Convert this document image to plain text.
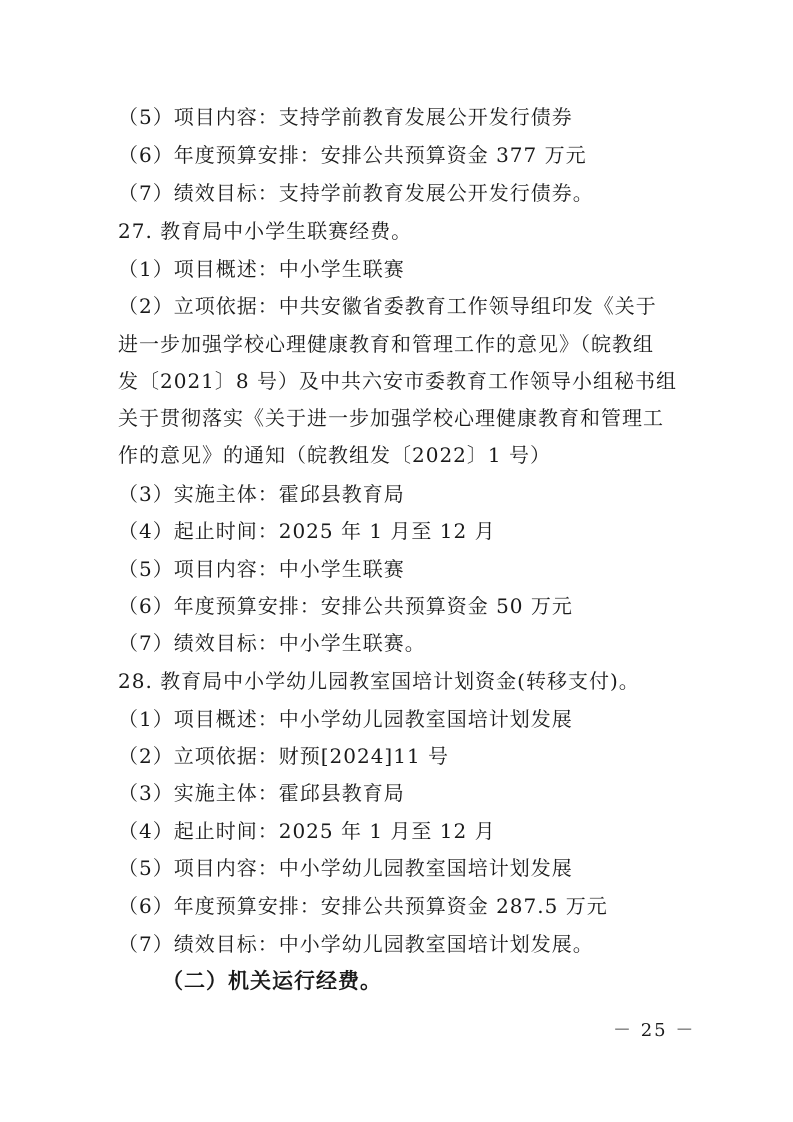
（5）项目内容：支持学前教育发展公开发行债券
（6）年度预算安排：安排公共预算资金 377 万元
（7）绩效目标：支持学前教育发展公开发行债券。
27. 教育局中小学生联赛经费。
（1）项目概述：中小学生联赛
（2）立项依据：中共安徽省委教育工作领导组印发《关于
进一步加强学校心理健康教育和管理工作的意见》（皖教组
发〔2021〕8 号）及中共六安市委教育工作领导小组秘书组
关于贯彻落实《关于进一步加强学校心理健康教育和管理工
作的意见》的通知（皖教组发〔2022〕1 号）
（3）实施主体：霍邱县教育局
（4）起止时间：2025 年 1 月至 12 月
（5）项目内容：中小学生联赛
（6）年度预算安排：安排公共预算资金 50 万元
（7）绩效目标：中小学生联赛。
28. 教育局中小学幼儿园教室国培计划资金(转移支付)。
（1）项目概述：中小学幼儿园教室国培计划发展
（2）立项依据：财预[2024]11 号
（3）实施主体：霍邱县教育局
（4）起止时间：2025 年 1 月至 12 月
（5）项目内容：中小学幼儿园教室国培计划发展
（6）年度预算安排：安排公共预算资金 287.5 万元
（7）绩效目标：中小学幼儿园教室国培计划发展。
（二）机关运行经费。
－ 25 －
